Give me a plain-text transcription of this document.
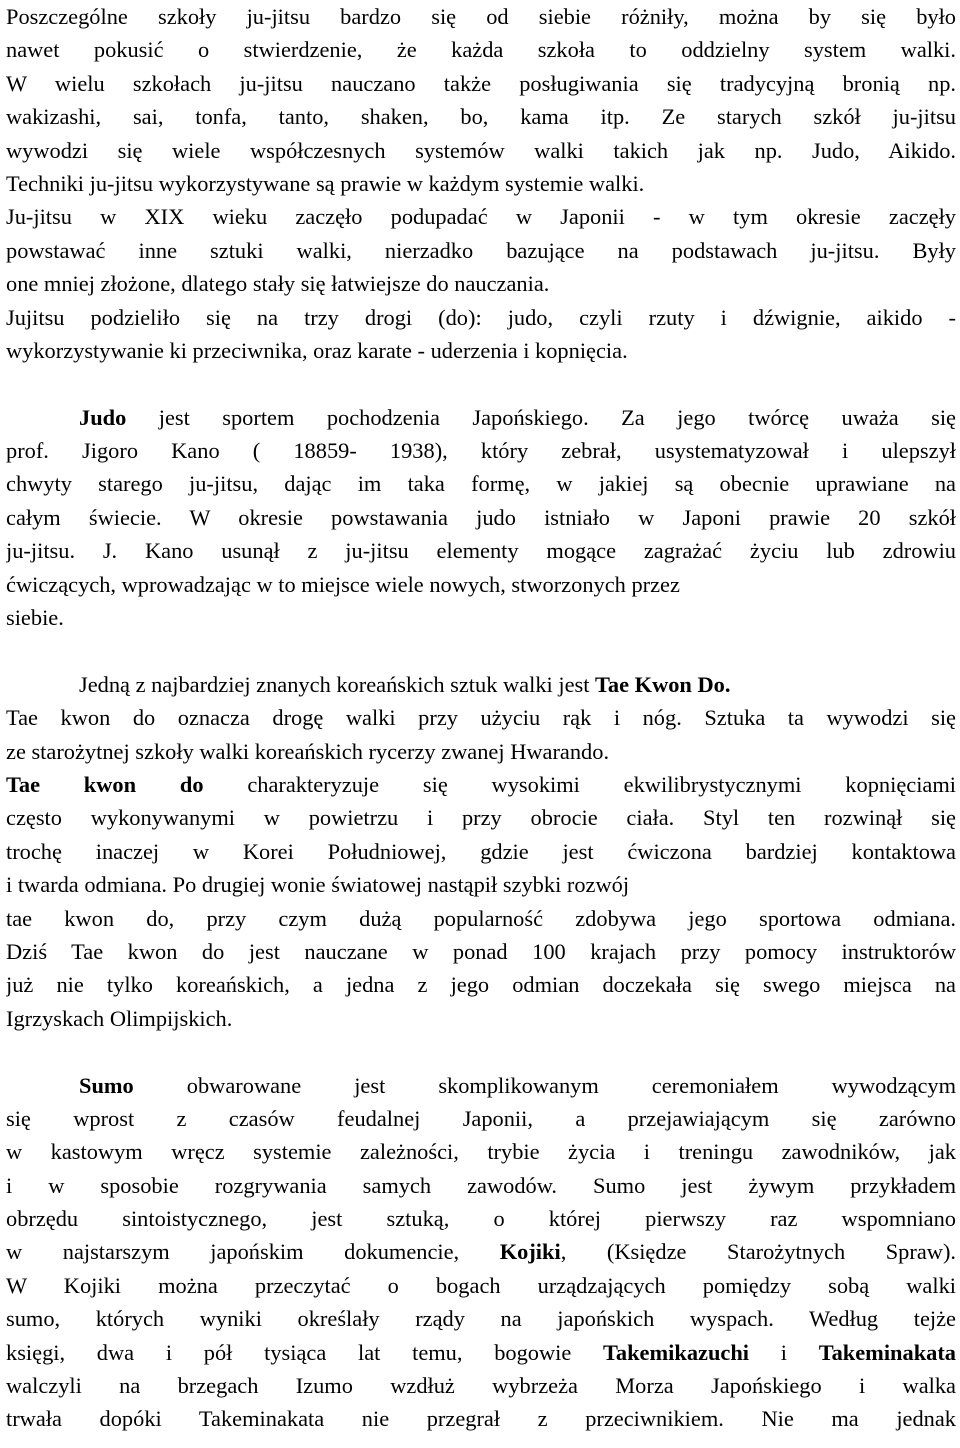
Poszczególne szkoły ju-jitsu bardzo się od siebie różniły, można by się było
nawet pokusić o stwierdzenie, że każda szkoła to oddzielny system walki.
W wielu szkołach ju-jitsu nauczano także posługiwania się tradycyjną bronią np.
wakizashi, sai, tonfa, tanto, shaken, bo, kama itp. Ze starych szkół ju-jitsu
wywodzi się wiele współczesnych systemów walki takich jak np. Judo, Aikido.
Techniki ju-jitsu wykorzystywane są prawie w każdym systemie walki.
Ju-jitsu w XIX wieku zaczęło podupadać w Japonii - w tym okresie zaczęły
powstawać inne sztuki walki, nierzadko bazujące na podstawach ju-jitsu. Były
one mniej złożone, dlatego stały się łatwiejsze do nauczania.
Jujitsu podzieliło się na trzy drogi (do): judo, czyli rzuty i dźwignie, aikido -
wykorzystywanie ki przeciwnika, oraz karate - uderzenia i kopnięcia.
Judo jest sportem pochodzenia Japońskiego. Za jego twórcę uważa się
prof. Jigoro Kano ( 18859- 1938), który zebrał, usystematyzował i ulepszył
chwyty starego ju-jitsu, dając im taka formę, w jakiej są obecnie uprawiane na
całym świecie. W okresie powstawania judo istniało w Japoni prawie 20 szkół
ju-jitsu. J. Kano usunął z ju-jitsu elementy mogące zagrażać życiu lub zdrowiu
ćwiczących, wprowadzając w to miejsce wiele nowych, stworzonych przez
siebie.
Jedną z najbardziej znanych koreańskich sztuk walki jest Tae Kwon Do.
Tae kwon do oznacza drogę walki przy użyciu rąk i nóg. Sztuka ta wywodzi się
ze starożytnej szkoły walki koreańskich rycerzy zwanej Hwarando.
Tae kwon do charakteryzuje się wysokimi ekwilibrystycznymi kopnięciami
często wykonywanymi w powietrzu i przy obrocie ciała. Styl ten rozwinął się
trochę inaczej w Korei Południowej, gdzie jest ćwiczona bardziej kontaktowa
i twarda odmiana. Po drugiej wonie światowej nastąpił szybki rozwój
tae kwon do, przy czym dużą popularność zdobywa jego sportowa odmiana.
Dziś Tae kwon do jest nauczane w ponad 100 krajach przy pomocy instruktorów
już nie tylko koreańskich, a jedna z jego odmian doczekała się swego miejsca na
Igrzyskach Olimpijskich.
Sumo obwarowane jest skomplikowanym ceremoniałem wywodzącym
się wprost z czasów feudalnej Japonii, a przejawiającym się zarówno
w kastowym wręcz systemie zależności, trybie życia i treningu zawodników, jak
i w sposobie rozgrywania samych zawodów. Sumo jest żywym przykładem
obrzędu sintoistycznego, jest sztuką, o której pierwszy raz wspomniano
w najstarszym japońskim dokumencie, Kojiki, (Księdze Starożytnych Spraw).
W Kojiki można przeczytać o bogach urządzających pomiędzy sobą walki
sumo, których wyniki określały rządy na japońskich wyspach. Według tejże
księgi, dwa i pół tysiąca lat temu, bogowie Takemikazuchi i Takeminakata
walczyli na brzegach Izumo wzdłuż wybrzeża Morza Japońskiego i walka
trwała dopóki Takeminakata nie przegrał z przeciwnikiem. Nie ma jednak
